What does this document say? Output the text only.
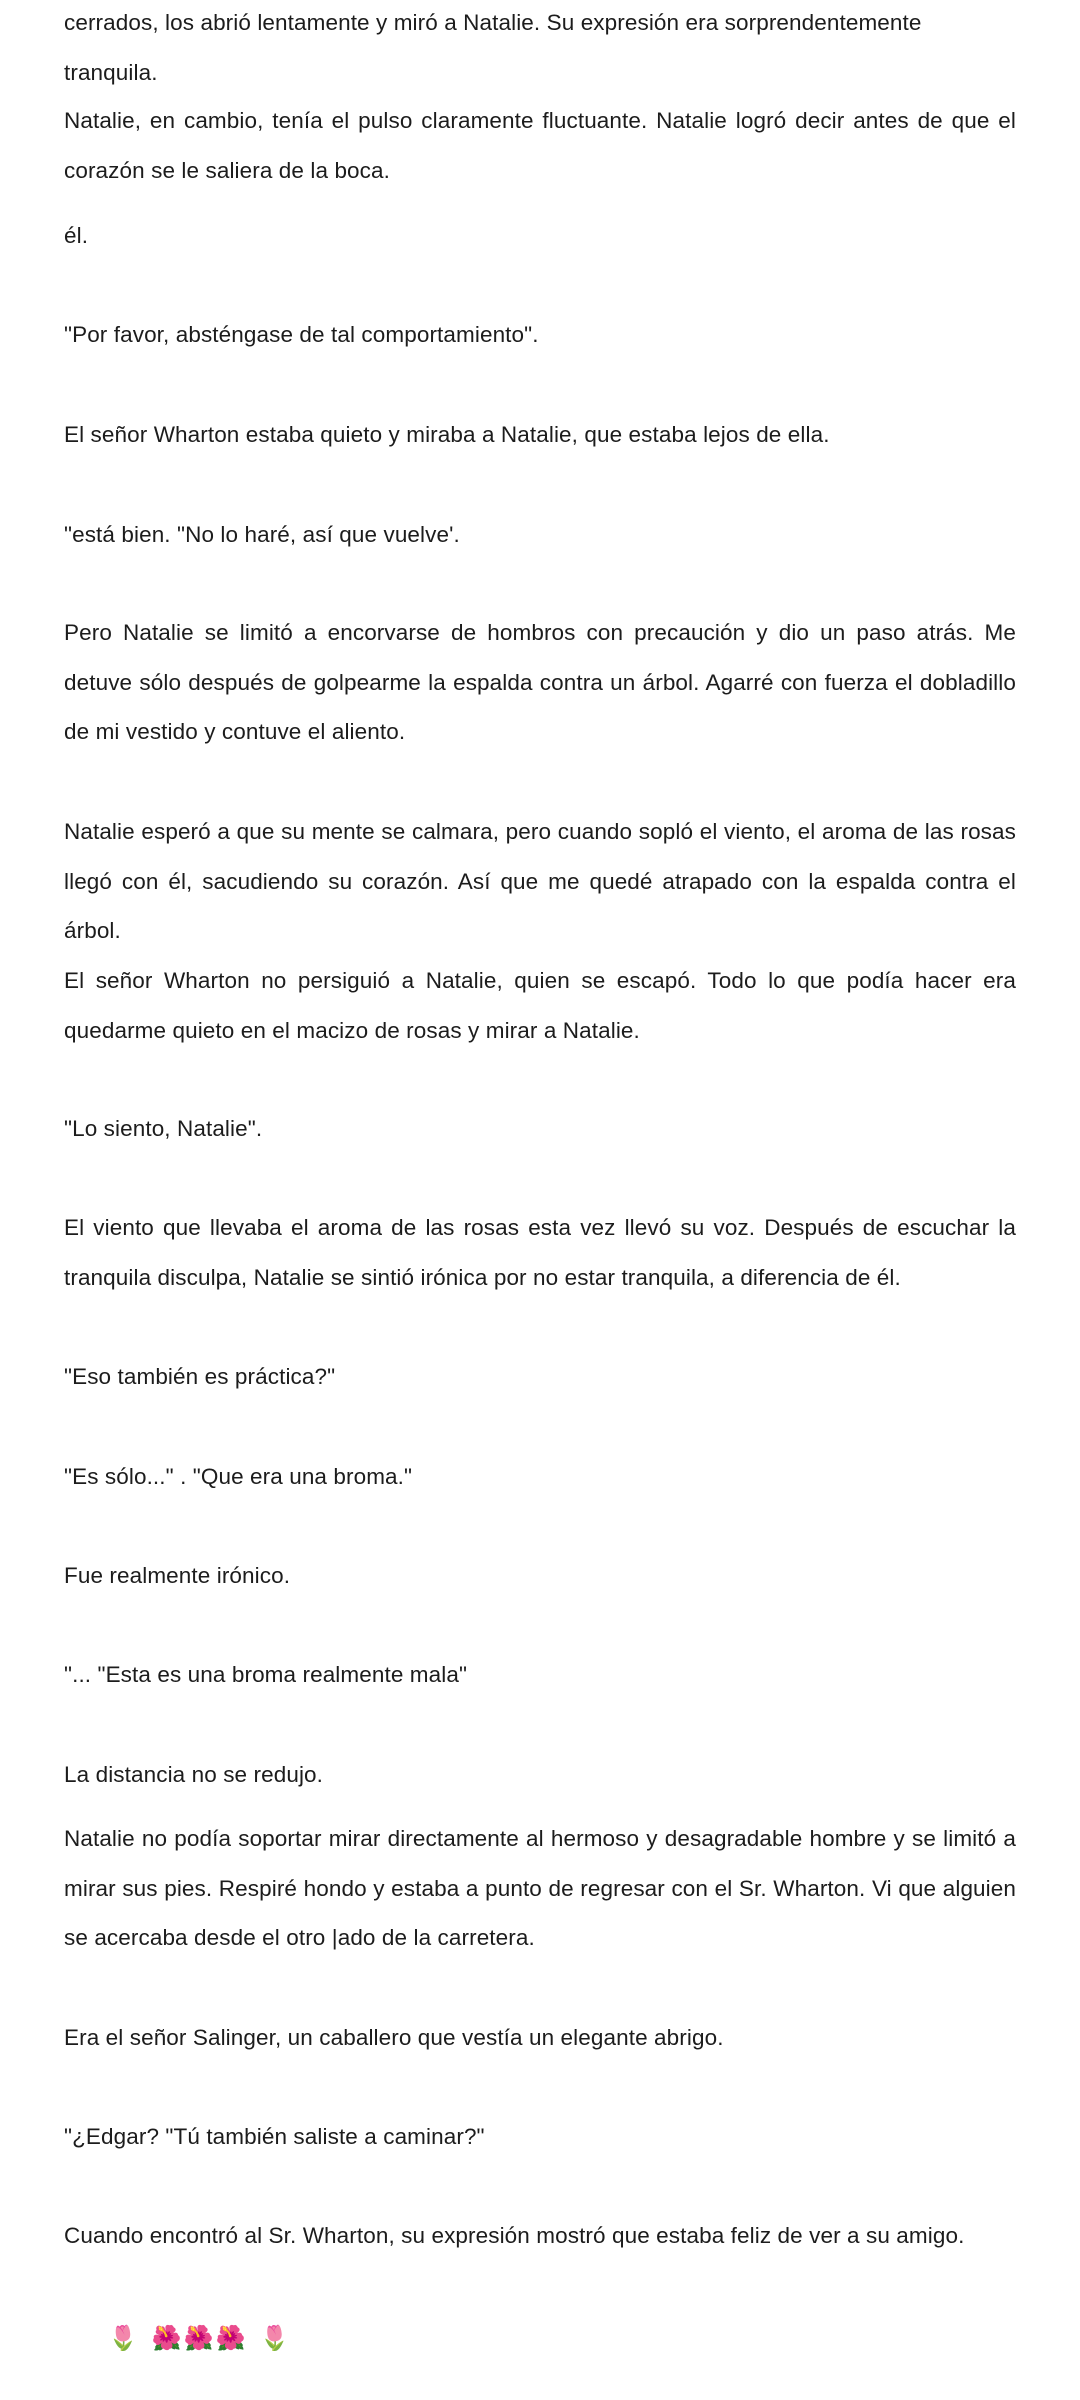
cerrados, los abrió lentamente y miró a Natalie. Su expresión era sorprendentemente tranquila.

Natalie, en cambio, tenía el pulso claramente fluctuante. Natalie logró decir antes de que el corazón se le saliera de la boca.

él.

"Por favor, absténgase de tal comportamiento".

El señor Wharton estaba quieto y miraba a Natalie, que estaba lejos de ella.

"está bien. "No lo haré, así que vuelve'.

Pero Natalie se limitó a encorvarse de hombros con precaución y dio un paso atrás. Me detuve sólo después de golpearme la espalda contra un árbol. Agarré con fuerza el dobladillo de mi vestido y contuve el aliento.

Natalie esperó a que su mente se calmara, pero cuando sopló el viento, el aroma de las rosas llegó con él, sacudiendo su corazón. Así que me quedé atrapado con la espalda contra el árbol.

El señor Wharton no persiguió a Natalie, quien se escapó. Todo lo que podía hacer era quedarme quieto en el macizo de rosas y mirar a Natalie.

"Lo siento, Natalie".

El viento que llevaba el aroma de las rosas esta vez llevó su voz. Después de escuchar la tranquila disculpa, Natalie se sintió irónica por no estar tranquila, a diferencia de él.

"Eso también es práctica?"

"Es sólo..." . "Que era una broma."

Fue realmente irónico.

"... "Esta es una broma realmente mala"

La distancia no se redujo.

Natalie no podía soportar mirar directamente al hermoso y desagradable hombre y se limitó a mirar sus pies. Respiré hondo y estaba a punto de regresar con el Sr. Wharton. Vi que alguien se acercaba desde el otro |ado de la carretera.

Era el señor Salinger, un caballero que vestía un elegante abrigo.

"¿Edgar? "Tú también saliste a caminar?"

Cuando encontró al Sr. Wharton, su expresión mostró que estaba feliz de ver a su amigo.

🌷 🌺 🌺 🌺 🌷
